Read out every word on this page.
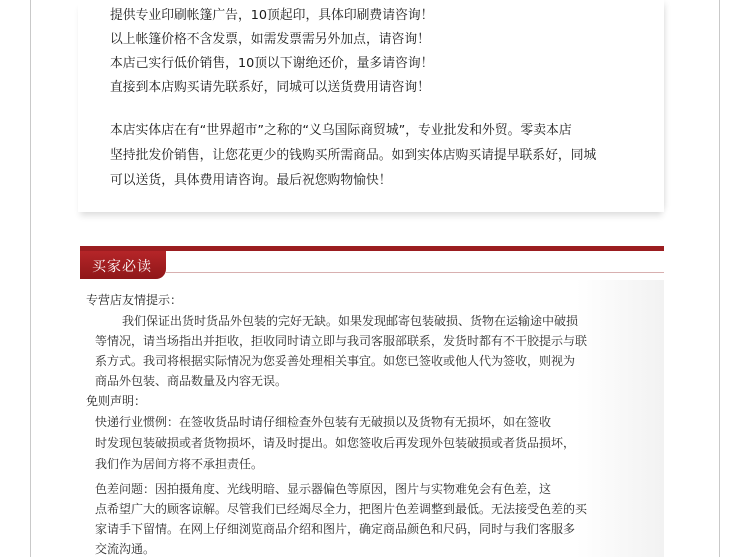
提供专业印刷帐篷广告，10顶起印，具体印刷费请咨询！
以上帐篷价格不含发票，如需发票需另外加点，请咨询！
本店己实行低价销售，10顶以下谢绝还价，量多请咨询！
直接到本店购买请先联系好，同城可以送货费用请咨询！
本店实体店在有“世界超市”之称的“义乌国际商贸城”，专业批发和外贸。零卖本店
坚持批发价销售，让您花更少的钱购买所需商品。如到实体店购买请提早联系好，同城
可以送货，具体费用请咨询。最后祝您购物愉快！
买家必读
专营店友情提示：
我们保证出货时货品外包装的完好无缺。如果发现邮寄包装破损、货物在运输途中破损
等情况，请当场指出并拒收，拒收同时请立即与我司客服部联系，发货时都有不干胶提示与联
系方式。我司将根据实际情况为您妥善处理相关事宜。如您已签收或他人代为签收，则视为
商品外包装、商品数量及内容无误。
免则声明：
快递行业惯例：在签收货品时请仔细检查外包装有无破损以及货物有无损坏，如在签收
时发现包装破损或者货物损坏，请及时提出。如您签收后再发现外包装破损或者货品损坏，
我们作为居间方将不承担责任。
色差问题：因拍摄角度、光线明暗、显示器偏色等原因，图片与实物难免会有色差，这
点希望广大的顾客谅解。尽管我们已经竭尽全力，把图片色差调整到最低。无法接受色差的买
家请手下留情。在网上仔细浏览商品介绍和图片，确定商品颜色和尺码，同时与我们客服多
交流沟通。
